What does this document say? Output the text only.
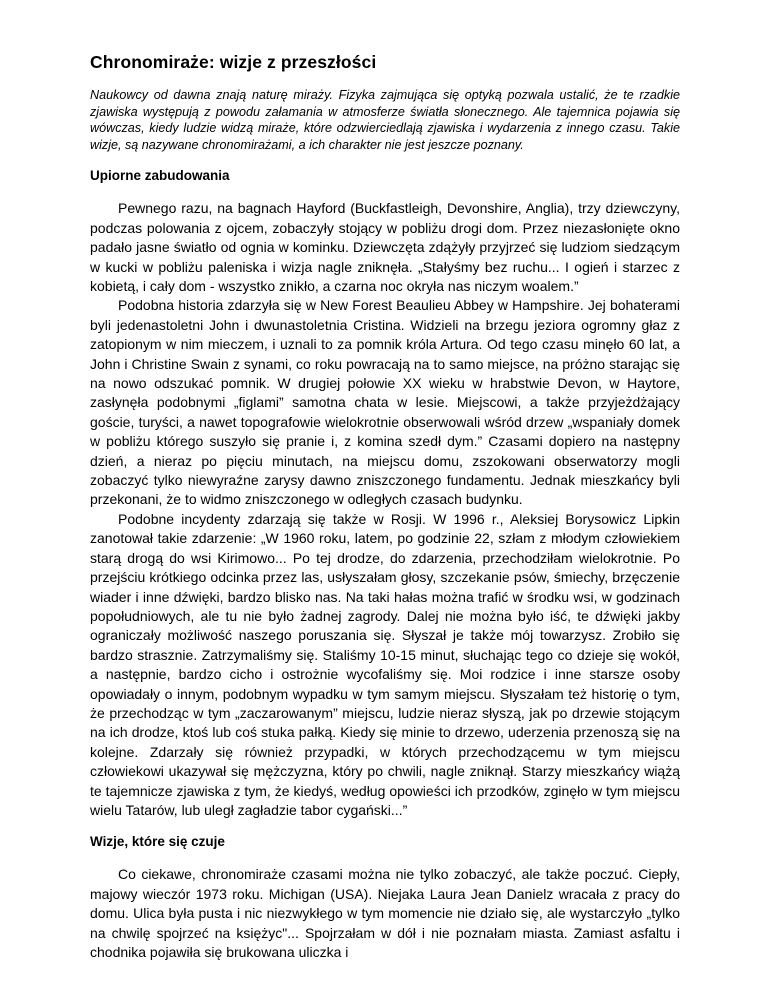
Chronomiraże: wizje z przeszłości

Naukowcy od dawna znają naturę miraży. Fizyka zajmująca się optyką pozwala ustalić, że te rzadkie zjawiska występują z powodu załamania w atmosferze światła słonecznego. Ale tajemnica pojawia się wówczas, kiedy ludzie widzą miraże, które odzwierciedlają zjawiska i wydarzenia z innego czasu. Takie wizje, są nazywane chronomirażami, a ich charakter nie jest jeszcze poznany.

Upiorne zabudowania

Pewnego razu, na bagnach Hayford (Buckfastleigh, Devonshire, Anglia), trzy dziewczyny, podczas polowania z ojcem, zobaczyły stojący w pobliżu drogi dom. Przez niezasłonięte okno padało jasne światło od ognia w kominku. Dziewczęta zdążyły przyjrzeć się ludziom siedzącym w kucki w pobliżu paleniska i wizja nagle zniknęła. „Stałyśmy bez ruchu... I ogień i starzec z kobietą, i cały dom - wszystko znikło, a czarna noc okryła nas niczym woalem.”

Podobna historia zdarzyła się w New Forest Beaulieu Abbey w Hampshire. Jej bohaterami byli jedenastoletni John i dwunastoletnia Cristina. Widzieli na brzegu jeziora ogromny głaz z zatopionym w nim mieczem, i uznali to za pomnik króla Artura. Od tego czasu minęło 60 lat, a John i Christine Swain z synami, co roku powracają na to samo miejsce, na próżno starając się na nowo odszukać pomnik. W drugiej połowie XX wieku w hrabstwie Devon, w Haytore, zasłynęła podobnymi „figlami” samotna chata w lesie. Miejscowi, a także przyjeżdżający goście, turyści, a nawet topografowie wielokrotnie obserwowali wśród drzew „wspaniały domek w pobliżu którego suszyło się pranie i, z komina szedł dym.” Czasami dopiero na następny dzień, a nieraz po pięciu minutach, na miejscu domu, zszokowani obserwatorzy mogli zobaczyć tylko niewyraźne zarysy dawno zniszczonego fundamentu. Jednak mieszkańcy byli przekonani, że to widmo zniszczonego w odległych czasach budynku.

Podobne incydenty zdarzają się także w Rosji. W 1996 r., Aleksiej Borysowicz Lipkin zanotował takie zdarzenie: „W 1960 roku, latem, po godzinie 22, szłam z młodym człowiekiem starą drogą do wsi Kirimowo... Po tej drodze, do zdarzenia, przechodziłam wielokrotnie. Po przejściu krótkiego odcinka przez las, usłyszałam głosy, szczekanie psów, śmiechy, brzęczenie wiader i inne dźwięki, bardzo blisko nas. Na taki hałas można trafić w środku wsi, w godzinach popołudniowych, ale tu nie było żadnej zagrody. Dalej nie można było iść, te dźwięki jakby ograniczały możliwość naszego poruszania się. Słyszał je także mój towarzysz. Zrobiło się bardzo strasznie. Zatrzymaliśmy się. Staliśmy 10-15 minut, słuchając tego co dzieje się wokół, a następnie, bardzo cicho i ostrożnie wycofaliśmy się. Moi rodzice i inne starsze osoby opowiadały o innym, podobnym wypadku w tym samym miejscu. Słyszałam też historię o tym, że przechodząc w tym „zaczarowanym” miejscu, ludzie nieraz słyszą, jak po drzewie stojącym na ich drodze, ktoś lub coś stuka pałką. Kiedy się minie to drzewo, uderzenia przenoszą się na kolejne. Zdarzały się również przypadki, w których przechodzącemu w tym miejscu człowiekowi ukazywał się mężczyzna, który po chwili, nagle zniknął. Starzy mieszkańcy wiążą te tajemnicze zjawiska z tym, że kiedyś, według opowieści ich przodków, zginęło w tym miejscu wielu Tatarów, lub uległ zagładzie tabor cygański...”

Wizje, które się czuje

Co ciekawe, chronomiraże czasami można nie tylko zobaczyć, ale także poczuć. Ciepły, majowy wieczór 1973 roku. Michigan (USA). Niejaka Laura Jean Danielz wracała z pracy do domu. Ulica była pusta i nic niezwykłego w tym momencie nie działo się, ale wystarczyło „tylko na chwilę spojrzeć na księżyc"... Spojrzałam w dół i nie poznałam miasta. Zamiast asfaltu i chodnika pojawiła się brukowana uliczka i
